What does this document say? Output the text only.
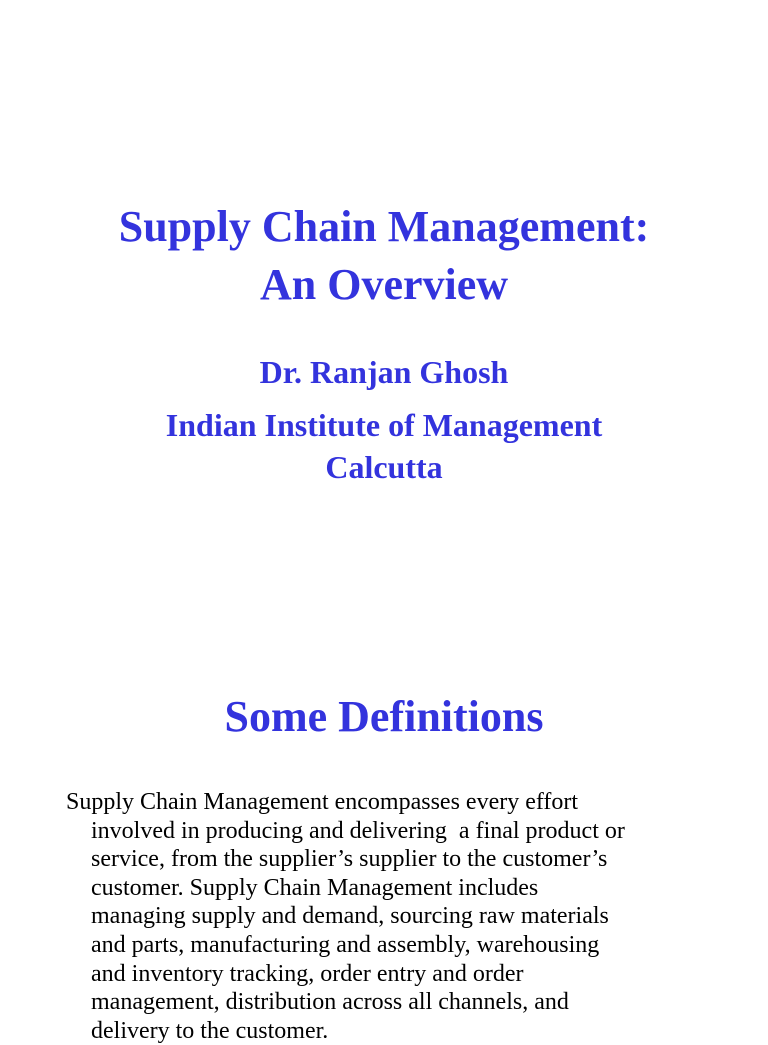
Supply Chain Management:
An Overview
Dr. Ranjan Ghosh
Indian Institute of Management
Calcutta
Some Definitions
Supply Chain Management encompasses every effort
involved in producing and delivering  a final product or
service, from the supplier’s supplier to the customer’s
customer. Supply Chain Management includes
managing supply and demand, sourcing raw materials
and parts, manufacturing and assembly, warehousing
and inventory tracking, order entry and order
management, distribution across all channels, and
delivery to the customer.
